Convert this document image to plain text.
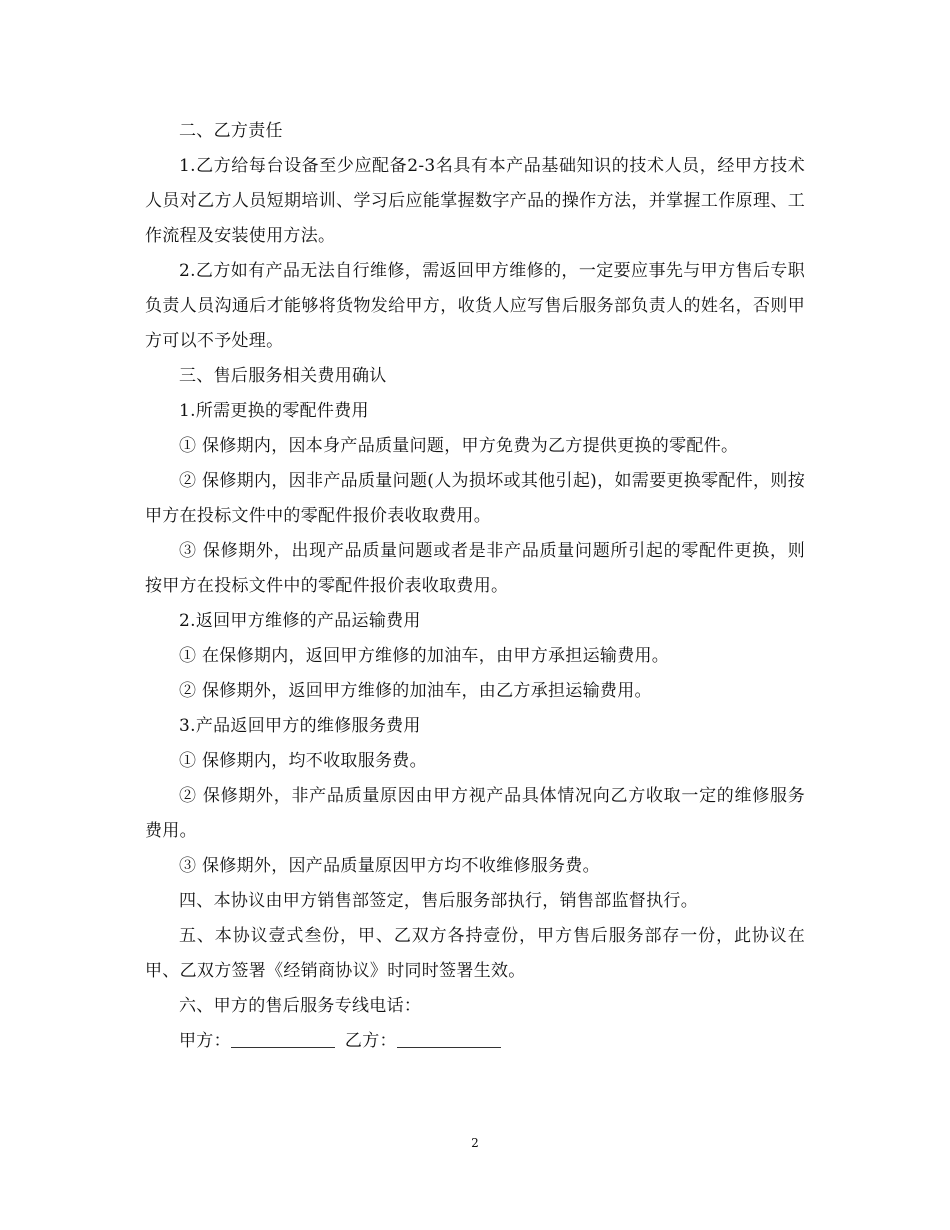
二、乙方责任

1.乙方给每台设备至少应配备2-3名具有本产品基础知识的技术人员，经甲方技术人员对乙方人员短期培训、学习后应能掌握数字产品的操作方法，并掌握工作原理、工作流程及安装使用方法。

2.乙方如有产品无法自行维修，需返回甲方维修的，一定要应事先与甲方售后专职负责人员沟通后才能够将货物发给甲方，收货人应写售后服务部负责人的姓名，否则甲方可以不予处理。

三、售后服务相关费用确认

1.所需更换的零配件费用

① 保修期内，因本身产品质量问题，甲方免费为乙方提供更换的零配件。

② 保修期内，因非产品质量问题(人为损坏或其他引起)，如需要更换零配件，则按甲方在投标文件中的零配件报价表收取费用。

③ 保修期外，出现产品质量问题或者是非产品质量问题所引起的零配件更换，则按甲方在投标文件中的零配件报价表收取费用。

2.返回甲方维修的产品运输费用

① 在保修期内，返回甲方维修的加油车，由甲方承担运输费用。

② 保修期外，返回甲方维修的加油车，由乙方承担运输费用。

3.产品返回甲方的维修服务费用

① 保修期内，均不收取服务费。

② 保修期外，非产品质量原因由甲方视产品具体情况向乙方收取一定的维修服务费用。

③ 保修期外，因产品质量原因甲方均不收维修服务费。

四、本协议由甲方销售部签定，售后服务部执行，销售部监督执行。

五、本协议壹式叁份，甲、乙双方各持壹份，甲方售后服务部存一份，此协议在甲、乙双方签署《经销商协议》时同时签署生效。

六、甲方的售后服务专线电话：

甲方：	乙方：

2
